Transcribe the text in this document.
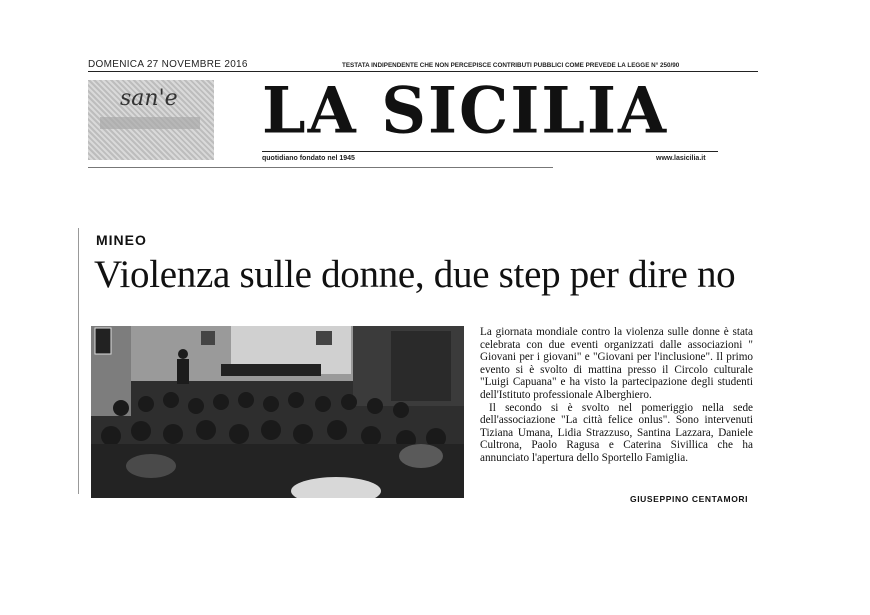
DOMENICA 27 NOVEMBRE 2016	TESTATA INDIPENDENTE CHE NON PERCEPISCE CONTRIBUTI PUBBLICI COME PREVEDE LA LEGGE N° 250/90
san'e LA SICILIA
quotidiano fondato nel 1945	www.lasicilia.it
MINEO
Violenza sulle donne, due step per dire no

La giornata mondiale contro la violenza sulle donne è stata celebrata con due eventi organizzati dalle associazioni " Giovani per i giovani" e "Giovani per l'inclusione". Il primo evento si è svolto di mattina presso il Circolo culturale "Luigi Capuana" e ha visto la partecipazione degli studenti dell'Istituto professionale Alberghiero.

Il secondo si è svolto nel pomeriggio nella sede dell'associazione "La città felice onlus". Sono intervenuti Tiziana Umana, Lidia Strazzuso, Santina Lazzara, Daniele Cultrona, Paolo Ragusa e Caterina Sivillica che ha annunciato l'apertura dello Sportello Famiglia.

GIUSEPPINO CENTAMORI
